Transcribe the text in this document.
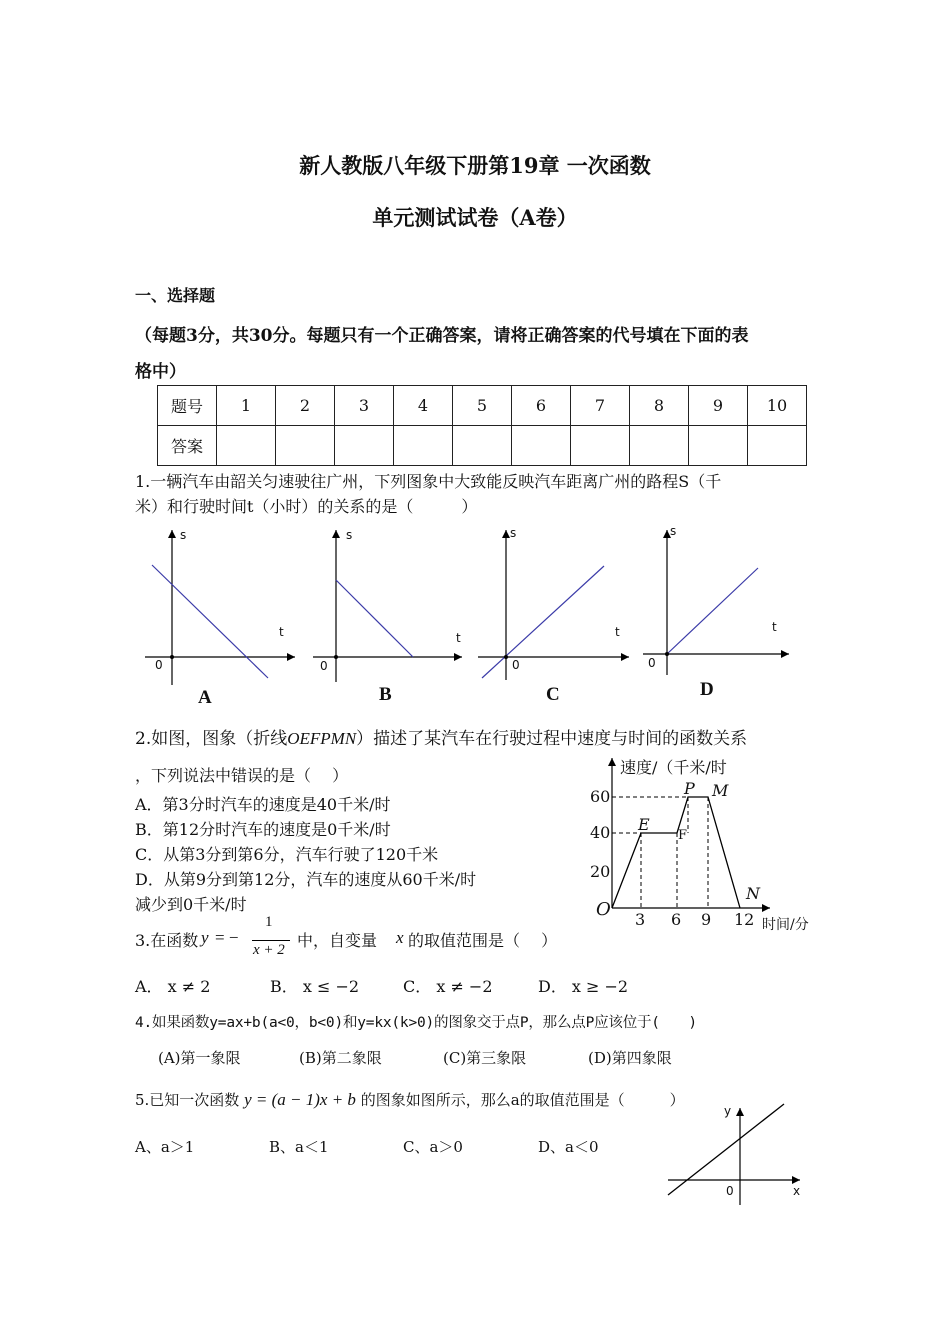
新人教版八年级下册第19章 一次函数
单元测试试卷（A卷）
一、选择题
（每题3分，共30分。每题只有一个正确答案，请将正确答案的代号填在下面的表
格中）
题号	1	2	3	4	5	6	7	8	9	10
答案										
1.一辆汽车由韶关匀速驶往广州，下列图象中大致能反映汽车距离广州的路程S（千
米）和行驶时间t（小时）的关系的是（　　　）
s
t
0
A
s
t
0
B
s
t
0
C
s
t
0
D
2.如图，图象（折线OEFPMN）描述了某汽车在行驶过程中速度与时间的函数关系
，下列说法中错误的是（　 ）
A．第3分时汽车的速度是40千米/时
B．第12分时汽车的速度是0千米/时
C．从第3分到第6分，汽车行驶了120千米
D．从第9分到第12分，汽车的速度从60千米/时
减少到0千米/时
速度/（千米/时
60
40
20
O 3 6 9 12 时间/分
E
F
P M
N
3.在函数 y = −
1
x + 2 中，自变量 x 的取值范围是（　 ）
A． x ≠ 2	B． x ≤ −2	C． x ≠ −2	D． x ≥ −2
4.如果函数y=ax+b(a<0，b<0)和y=kx(k>0)的图象交于点P，那么点P应该位于(　　)
(A)第一象限	(B)第二象限	(C)第三象限	(D)第四象限
5.已知一次函数 y = (a − 1)x + b 的图象如图所示，那么a的取值范围是（　　　）
A、a＞1	B、a＜1	C、a＞0	D、a＜0
y
x
0
